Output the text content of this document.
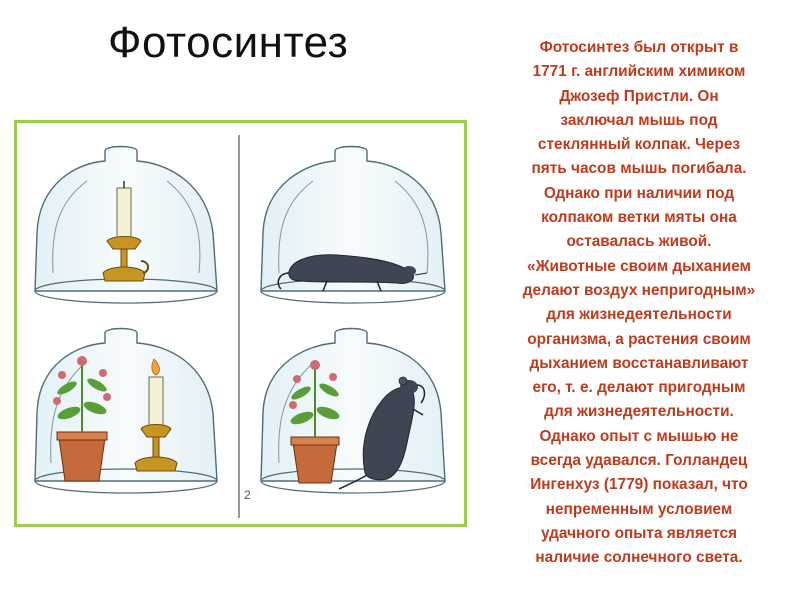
Фотосинтез	Фотосинтез был открыт в
1771 г. английским химиком
Джозеф Пристли. Он
заключал мышь под
стеклянный колпак. Через
пять часов мышь погибала.
Однако при наличии под
колпаком ветки мяты она
оставалась живой.
«Животные своим дыханием
делают воздух непригодным»
для жизнедеятельности
организма, а растения своим
дыханием восстанавливают
его, т. е. делают пригодным
для жизнедеятельности.
Однако опыт с мышью не
всегда удавался. Голландец
Ингенхуз (1779) показал, что
непременным условием
удачного опыта является
наличие солнечного света.
2
